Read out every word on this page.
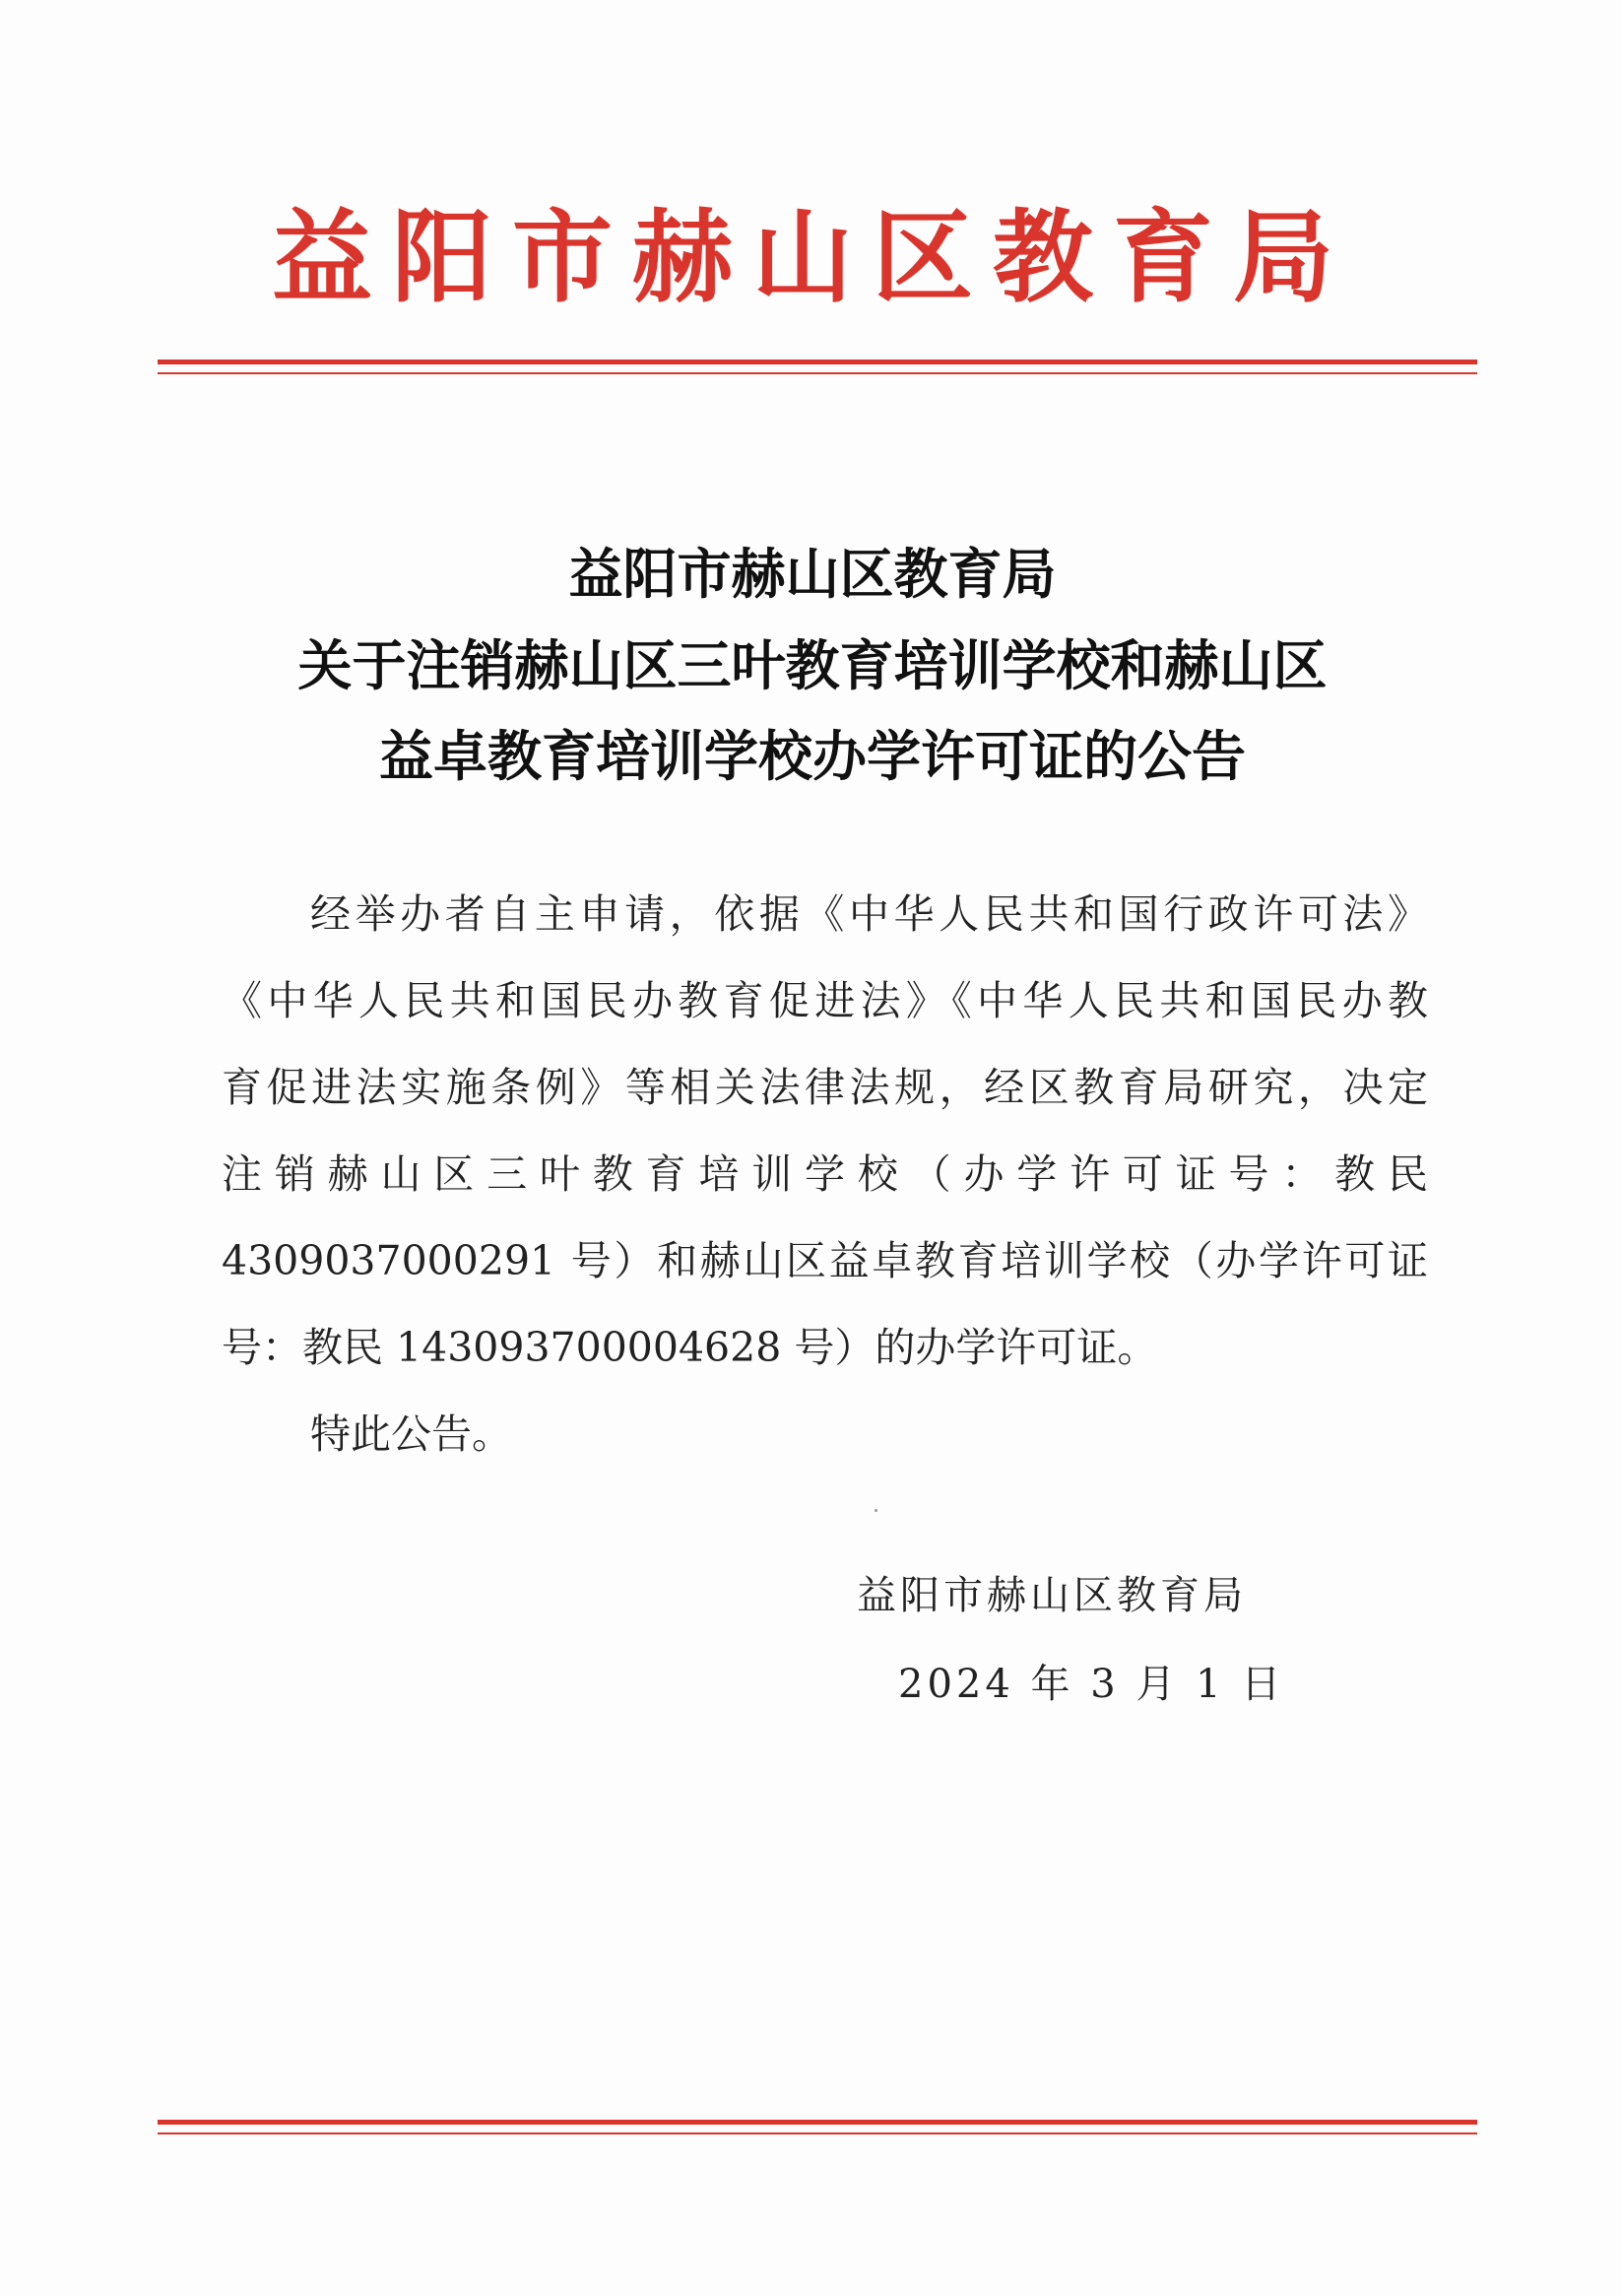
益阳市赫山区教育局
益阳市赫山区教育局
关于注销赫山区三叶教育培训学校和赫山区
益卓教育培训学校办学许可证的公告
经举办者自主申请，依据《中华人民共和国行政许可法》
《中华人民共和国民办教育促进法》《中华人民共和国民办教
育促进法实施条例》等相关法律法规，经区教育局研究，决定
注销赫山区三叶教育培训学校（办学许可证号：教民
4309037000291 号）和赫山区益卓教育培训学校（办学许可证
号：教民 143093700004628 号）的办学许可证。
特此公告。
益阳市赫山区教育局
2024 年 3 月 1 日
